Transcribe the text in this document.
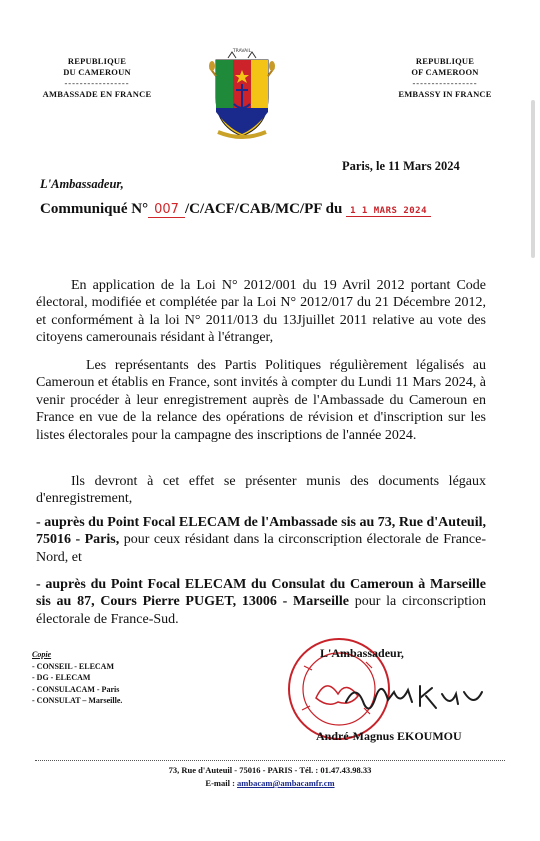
REPUBLIQUE
DU CAMEROUN
-----------------
AMBASSADE EN FRANCE
TRAVAIL
REPUBLIQUE
OF CAMEROON
-----------------
EMBASSY IN FRANCE
Paris, le 11 Mars 2024
L'Ambassadeur,
Communiqué N° 007 /C/ACF/CAB/MC/PF du 1 1 MARS 2024
En application de la Loi N° 2012/001 du 19 Avril 2012 portant Code électoral, modifiée et complétée par la Loi N° 2012/017 du 21 Décembre 2012, et conformément à la loi N° 2011/013 du 13Jjuillet 2011 relative au vote des citoyens camerounais résidant à l'étranger,
Les représentants des Partis Politiques régulièrement légalisés au Cameroun et établis en France, sont invités à compter du Lundi 11 Mars 2024, à venir procéder à leur enregistrement auprès de l'Ambassade du Cameroun en France en vue de la relance des opérations de révision et d'inscription sur les listes électorales pour la campagne des inscriptions de l'année 2024.
Ils devront à cet effet se présenter munis des documents légaux d'enregistrement,
- auprès du Point Focal ELECAM de l'Ambassade sis au 73, Rue d'Auteuil, 75016 - Paris, pour ceux résidant dans la circonscription électorale de France-Nord, et
- auprès du Point Focal ELECAM du Consulat du Cameroun à Marseille sis au 87, Cours Pierre PUGET, 13006 - Marseille pour la circonscription électorale de France-Sud.
Copie
- CONSEIL - ELECAM
- DG - ELECAM
- CONSULACAM - Paris
- CONSULAT – Marseille.
L'Ambassadeur,
André-Magnus EKOUMOU
73, Rue d'Auteuil - 75016 - PARIS - Tél. : 01.47.43.98.33
E-mail : ambacam@ambacamfr.cm
